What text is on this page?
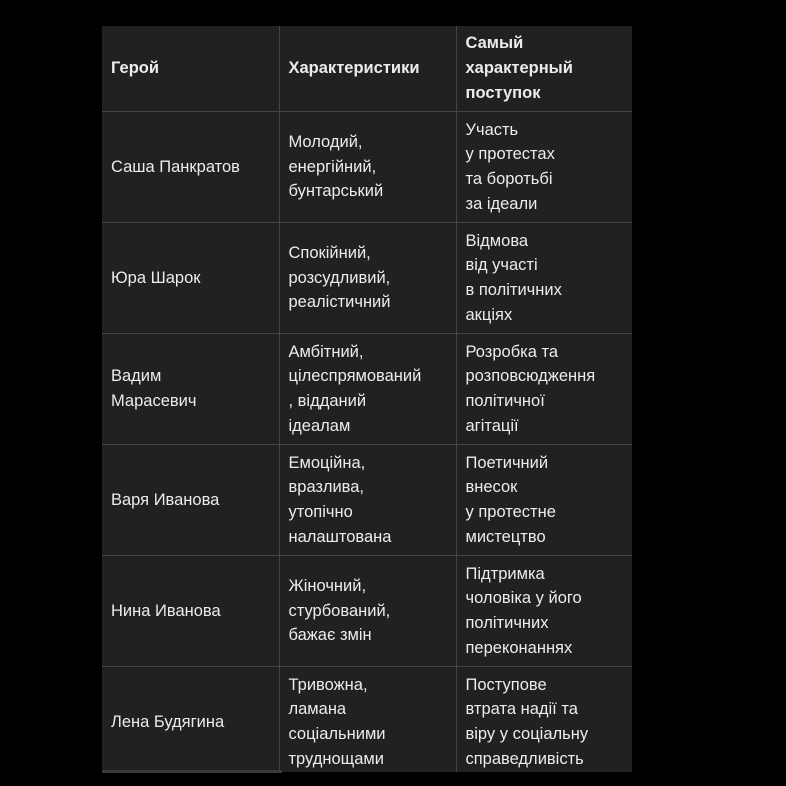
Герой	Характеристики	Самый
характерный
поступок

Саша Панкратов	Молодий,
енергійний,
бунтарський	Участь
у протестах
та боротьбі
за ідеали

Юра Шарок	Спокійний,
розсудливий,
реалістичний	Відмова
від участі
в політичних
акціях

Вадим
Марасевич	Амбітний,
цілеспрямований
, відданий
ідеалам	Розробка та
розповсюдження
політичної
агітації

Варя Иванова	Емоційна,
вразлива,
утопічно
налаштована	Поетичний
внесок
у протестне
мистецтво

Нина Иванова	Жіночний,
стурбований,
бажає змін	Підтримка
чоловіка у його
політичних
переконаннях

Лена Будягина	Тривожна,
ламана
соціальними
труднощами	Поступове
втрата надії та
віру у соціальну
справедливість
